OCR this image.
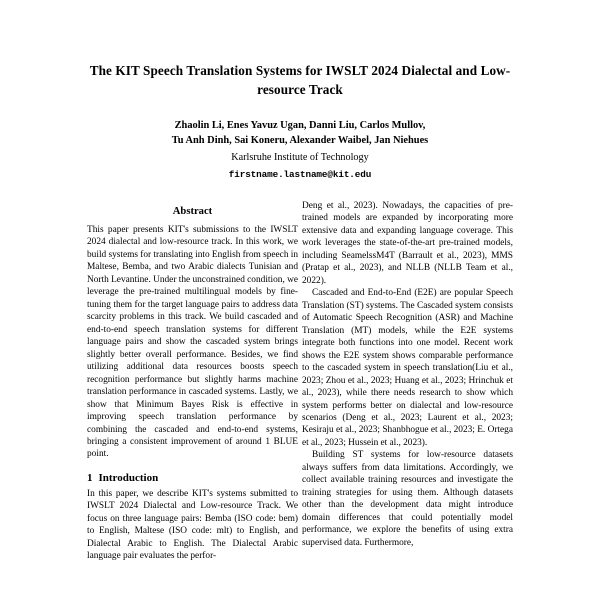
The KIT Speech Translation Systems for IWSLT 2024 Dialectal and Low-resource Track
Zhaolin Li, Enes Yavuz Ugan, Danni Liu, Carlos Mullov,
Tu Anh Dinh, Sai Koneru, Alexander Waibel, Jan Niehues
Karlsruhe Institute of Technology
firstname.lastname@kit.edu
Abstract

This paper presents KIT's submissions to the IWSLT 2024 dialectal and low-resource track. In this work, we build systems for translating into English from speech in Maltese, Bemba, and two Arabic dialects Tunisian and North Levantine. Under the unconstrained condition, we leverage the pre-trained multilingual models by fine-tuning them for the target language pairs to address data scarcity problems in this track. We build cascaded and end-to-end speech translation systems for different language pairs and show the cascaded system brings slightly better overall performance. Besides, we find utilizing additional data resources boosts speech recognition performance but slightly harms machine translation performance in cascaded systems. Lastly, we show that Minimum Bayes Risk is effective in improving speech translation performance by combining the cascaded and end-to-end systems, bringing a consistent improvement of around 1 BLUE point.

1 Introduction

In this paper, we describe KIT's systems submitted to IWSLT 2024 Dialectal and Low-resource Track. We focus on three language pairs: Bemba (ISO code: bem) to English, Maltese (ISO code: mlt) to English, and Dialectal Arabic to English. The Dialectal Arabic language pair evaluates the perfor-

Deng et al., 2023). Nowadays, the capacities of pre-trained models are expanded by incorporating more extensive data and expanding language coverage. This work leverages the state-of-the-art pre-trained models, including SeamelssM4T (Barrault et al., 2023), MMS (Pratap et al., 2023), and NLLB (NLLB Team et al., 2022).

Cascaded and End-to-End (E2E) are popular Speech Translation (ST) systems. The Cascaded system consists of Automatic Speech Recognition (ASR) and Machine Translation (MT) models, while the E2E systems integrate both functions into one model. Recent work shows the E2E system shows comparable performance to the cascaded system in speech translation(Liu et al., 2023; Zhou et al., 2023; Huang et al., 2023; Hrinchuk et al., 2023), while there needs research to show which system performs better on dialectal and low-resource scenarios (Deng et al., 2023; Laurent et al., 2023; Kesiraju et al., 2023; Shanbhogue et al., 2023; E. Ortega et al., 2023; Hussein et al., 2023).

Building ST systems for low-resource datasets always suffers from data limitations. Accordingly, we collect available training resources and investigate the training strategies for using them. Although datasets other than the development data might introduce domain differences that could potentially model performance, we explore the benefits of using extra supervised data. Furthermore,
